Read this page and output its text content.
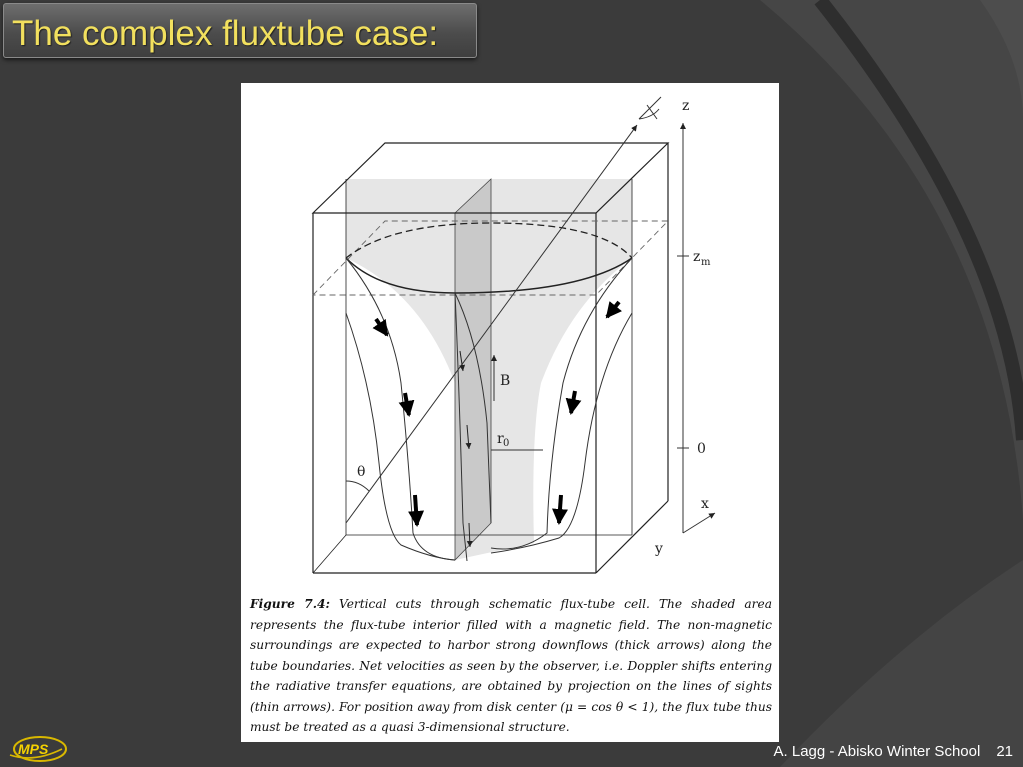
The complex fluxtube case:
θ
z
z m
0
x
y
B
r 0
Figure 7.4: Vertical cuts through schematic flux-tube cell. The shaded area represents the flux-tube interior filled with a magnetic field. The non-magnetic surroundings are expected to harbor strong downflows (thick arrows) along the tube boundaries. Net velocities as seen by the observer, i.e. Doppler shifts entering the radiative transfer equations, are obtained by projection on the lines of sights (thin arrows). For position away from disk center (μ = cos θ < 1), the flux tube thus must be treated as a quasi 3-dimensional structure.
MPS	A. Lagg - Abisko Winter School 21
